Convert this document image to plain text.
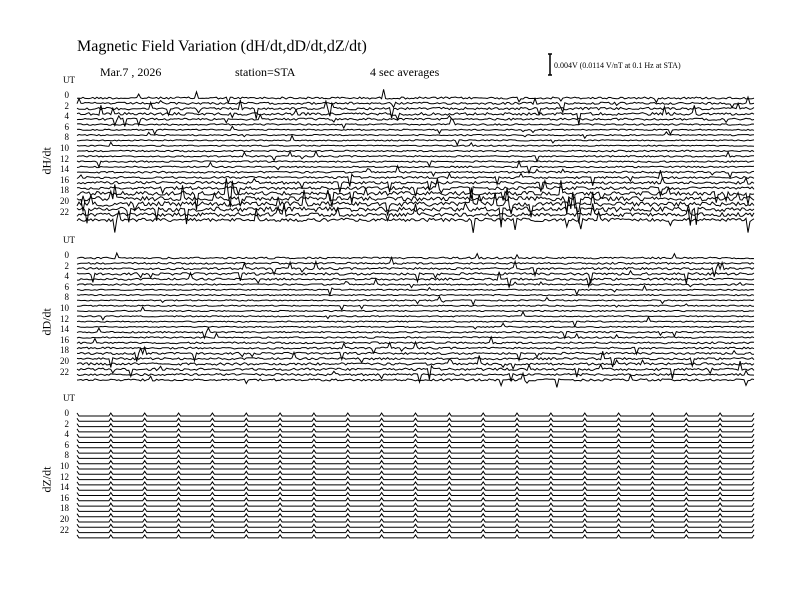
Magnetic Field Variation (dH/dt,dD/dt,dZ/dt)
Mar.7 , 2026	station=STA	4 sec averages	0.004V (0.0114 V/nT at 0.1 Hz at STA)
UT
UT
UT
dH/dt
dD/dt
dZ/dt
0
2
4
6
8
10
12
14
16
18
20
22
0
2
4
6
8
10
12
14
16
18
20
22
0
2
4
6
8
10
12
14
16
18
20
22
